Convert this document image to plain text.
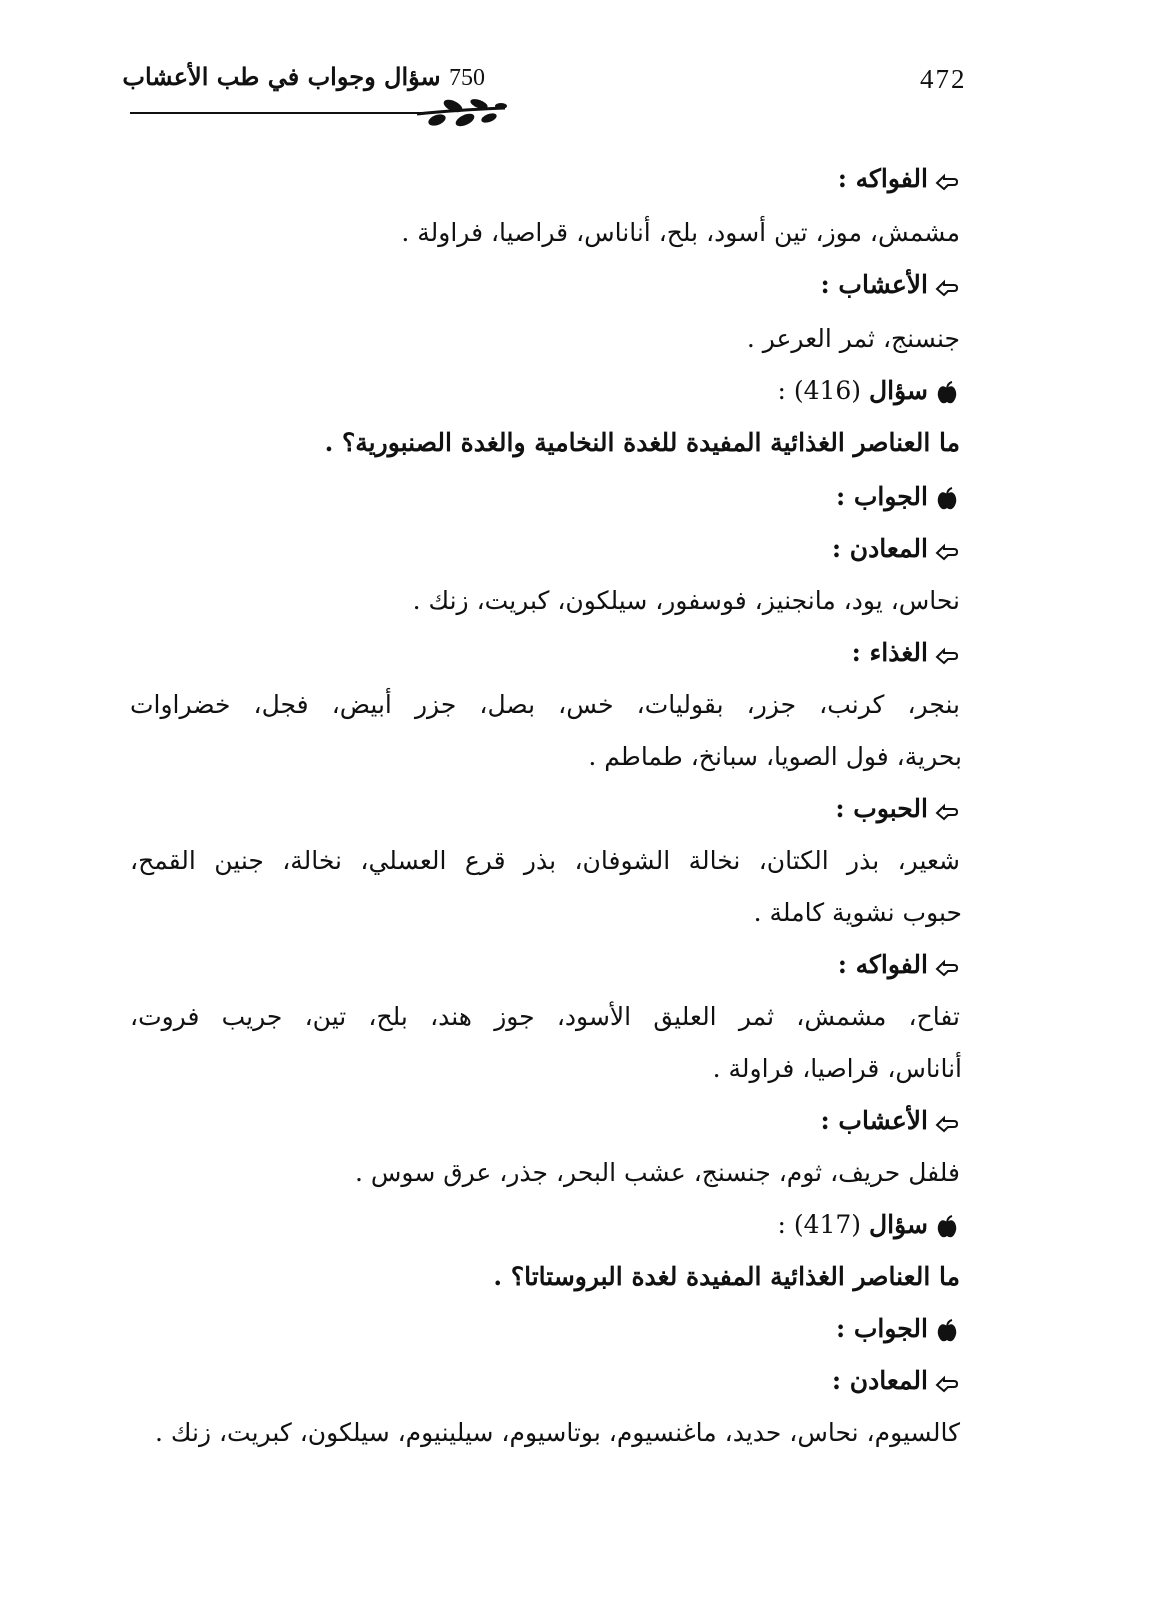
472
750 سؤال وجواب في طب الأعشاب
الفواكه :
مشمش، موز، تين أسود، بلح، أناناس، قراصيا، فراولة .
الأعشاب :
جنسنج، ثمر العرعر .
سؤال (416) :
ما العناصر الغذائية المفيدة للغدة النخامية والغدة الصنبورية؟ .
الجواب :
المعادن :
نحاس، يود، مانجنيز، فوسفور، سيلكون، كبريت، زنك .
الغذاء :
بنجر، كرنب، جزر، بقوليات، خس، بصل، جزر أبيض، فجل، خضراوات
بحرية، فول الصويا، سبانخ، طماطم .
الحبوب :
شعير، بذر الكتان، نخالة الشوفان، بذر قرع العسلي، نخالة، جنين القمح،
حبوب نشوية كاملة .
الفواكه :
تفاح، مشمش، ثمر العليق الأسود، جوز هند، بلح، تين، جريب فروت،
أناناس، قراصيا، فراولة .
الأعشاب :
فلفل حريف، ثوم، جنسنج، عشب البحر، جذر، عرق سوس .
سؤال (417) :
ما العناصر الغذائية المفيدة لغدة البروستاتا؟ .
الجواب :
المعادن :
كالسيوم، نحاس، حديد، ماغنسيوم، بوتاسيوم، سيلينيوم، سيلكون، كبريت، زنك .
